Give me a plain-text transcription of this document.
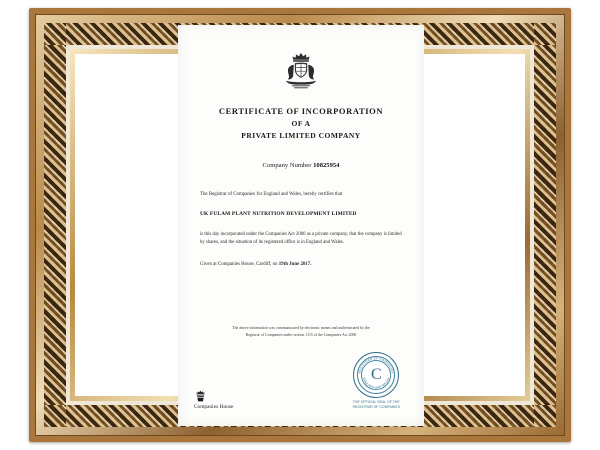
CERTIFICATE OF INCORPORATION
OF A
PRIVATE LIMITED COMPANY
Company Number 10825954
The Registrar of Companies for England and Wales, hereby certifies that
UK FULAM PLANT NUTRITION DEVELOPMENT LIMITED
is this day incorporated under the Companies Act 2006 as a private company, that the company is limited by shares, and the situation of its registered office is in England and Wales.
Given at Companies House, Cardiff, on 19th June 2017.
The above information was communicated by electronic means and authenticated by the
Registrar of Companies under section 1115 of the Companies Act 2006
Companies House
REGISTRAR OF COMPANIES
ENGLAND AND WALES
C
THE OFFICIAL SEAL OF THE
REGISTRAR OF COMPANIES
